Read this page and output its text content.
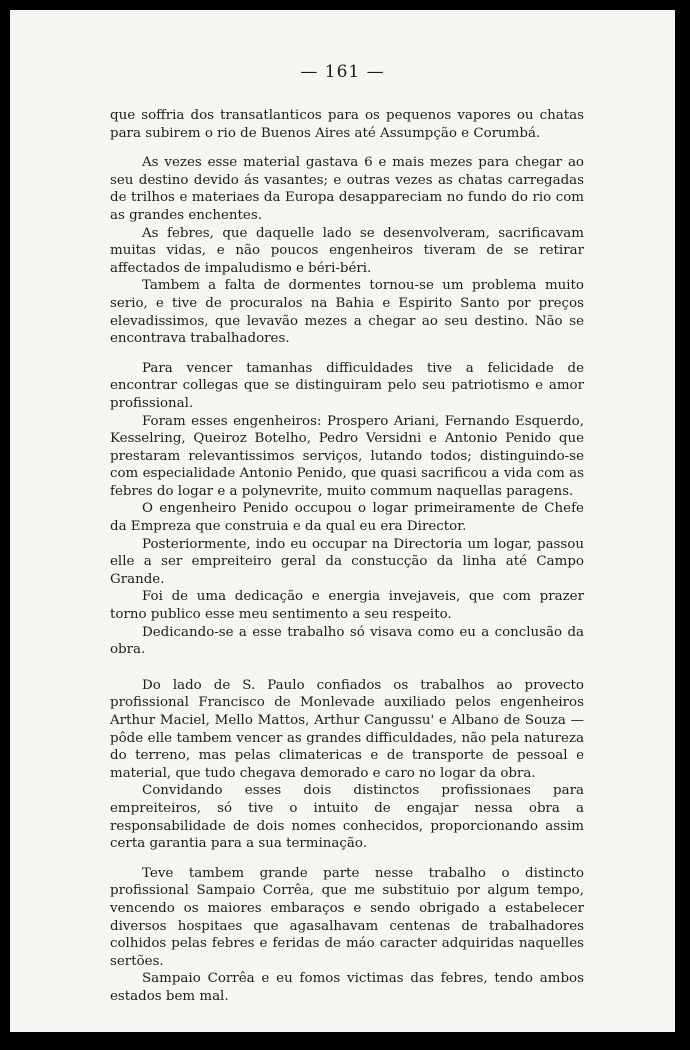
— 161 —

que soffria dos transatlanticos para os pequenos vapores ou chatas para subirem o rio de Buenos Aires até Assumpção e Corumbá.

As vezes esse material gastava 6 e mais mezes para chegar ao seu destino devido ás vasantes; e outras vezes as chatas carregadas de trilhos e materiaes da Europa desappareciam no fundo do rio com as grandes enchentes.

As febres, que daquelle lado se desenvolveram, sacrificavam muitas vidas, e não poucos engenheiros tiveram de se retirar affectados de impaludismo e béri-béri.

Tambem a falta de dormentes tornou-se um problema muito serio, e tive de procuralos na Bahia e Espirito Santo por preços elevadissimos, que levavão mezes a chegar ao seu destino. Não se encontrava trabalhadores.

Para vencer tamanhas difficuldades tive a felicidade de encontrar collegas que se distinguiram pelo seu patriotismo e amor profissional.

Foram esses engenheiros: Prospero Ariani, Fernando Esquerdo, Kesselring, Queiroz Botelho, Pedro Versidni e Antonio Penido que prestaram relevantissimos serviços, lutando todos; distinguindo-se com especialidade Antonio Penido, que quasi sacrificou a vida com as febres do logar e a polynevrite, muito commum naquellas paragens.

O engenheiro Penido occupou o logar primeiramente de Chefe da Empreza que construia e da qual eu era Director.

Posteriormente, indo eu occupar na Directoria um logar, passou elle a ser empreiteiro geral da constucção da linha até Campo Grande.

Foi de uma dedicação e energia invejaveis, que com prazer torno publico esse meu sentimento a seu respeito.

Dedicando-se a esse trabalho só visava como eu a conclusão da obra.

Do lado de S. Paulo confiados os trabalhos ao provecto profissional Francisco de Monlevade auxiliado pelos engenheiros Arthur Maciel, Mello Mattos, Arthur Cangussu' e Albano de Souza — pôde elle tambem vencer as grandes difficuldades, não pela natureza do terreno, mas pelas climatericas e de transporte de pessoal e material, que tudo chegava demorado e caro no logar da obra.

Convidando esses dois distinctos profissionaes para empreiteiros, só tive o intuito de engajar nessa obra a responsabilidade de dois nomes conhecidos, proporcionando assim certa garantia para a sua terminação.

Teve tambem grande parte nesse trabalho o distincto profissional Sampaio Corrêa, que me substituio por algum tempo, vencendo os maiores embaraços e sendo obrigado a estabelecer diversos hospitaes que agasalhavam centenas de trabalhadores colhidos pelas febres e feridas de máo caracter adquiridas naquelles sertões.

Sampaio Corrêa e eu fomos victimas das febres, tendo ambos estados bem mal.
